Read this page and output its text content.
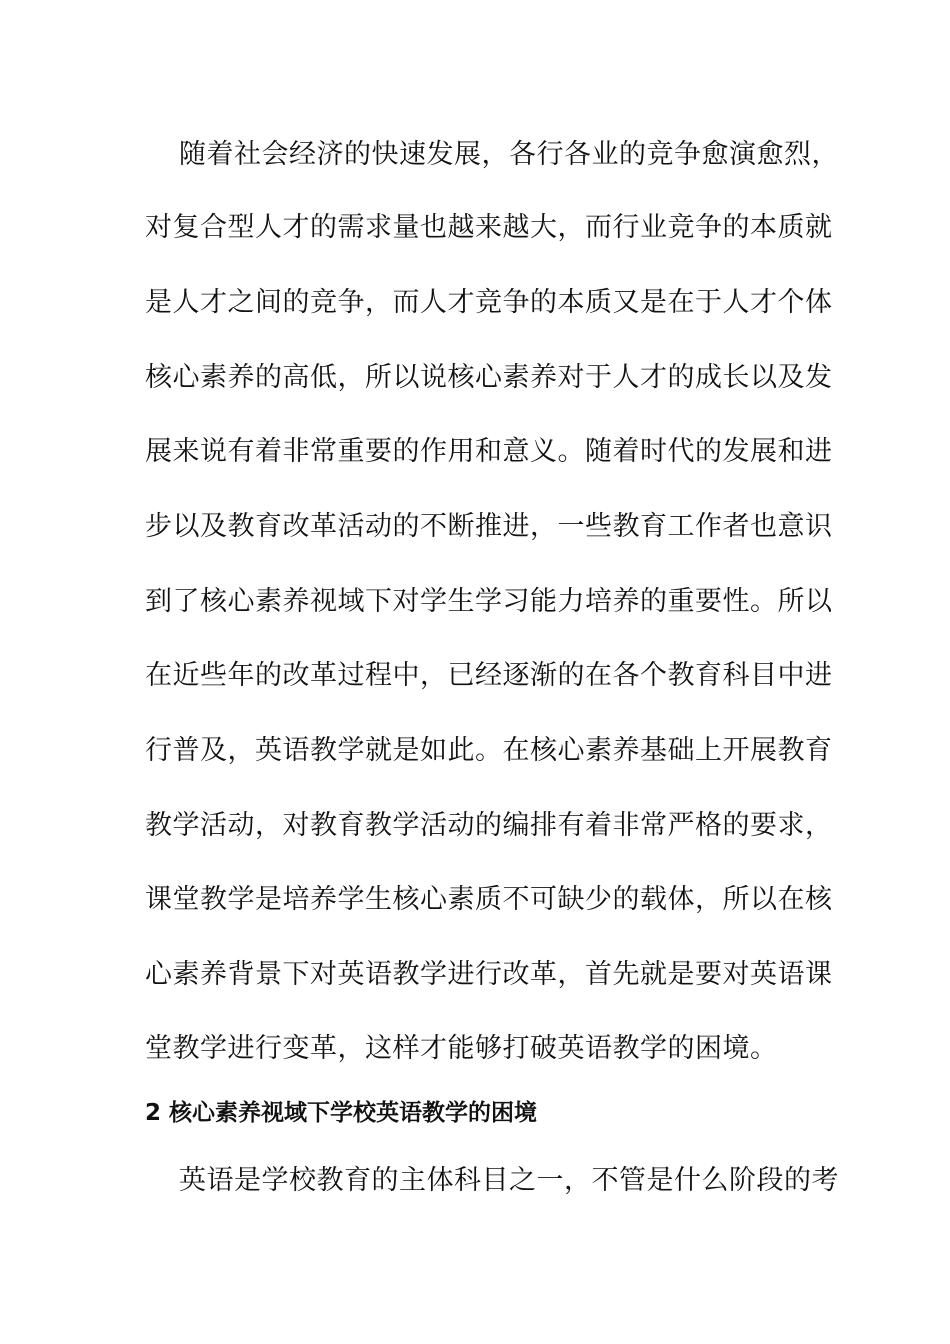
随着社会经济的快速发展，各行各业的竞争愈演愈烈，
对复合型人才的需求量也越来越大，而行业竞争的本质就
是人才之间的竞争，而人才竞争的本质又是在于人才个体
核心素养的高低，所以说核心素养对于人才的成长以及发
展来说有着非常重要的作用和意义。随着时代的发展和进
步以及教育改革活动的不断推进，一些教育工作者也意识
到了核心素养视域下对学生学习能力培养的重要性。所以
在近些年的改革过程中，已经逐渐的在各个教育科目中进
行普及，英语教学就是如此。在核心素养基础上开展教育
教学活动，对教育教学活动的编排有着非常严格的要求，
课堂教学是培养学生核心素质不可缺少的载体，所以在核
心素养背景下对英语教学进行改革，首先就是要对英语课
堂教学进行变革，这样才能够打破英语教学的困境。
2 核心素养视域下学校英语教学的困境
英语是学校教育的主体科目之一，不管是什么阶段的考
